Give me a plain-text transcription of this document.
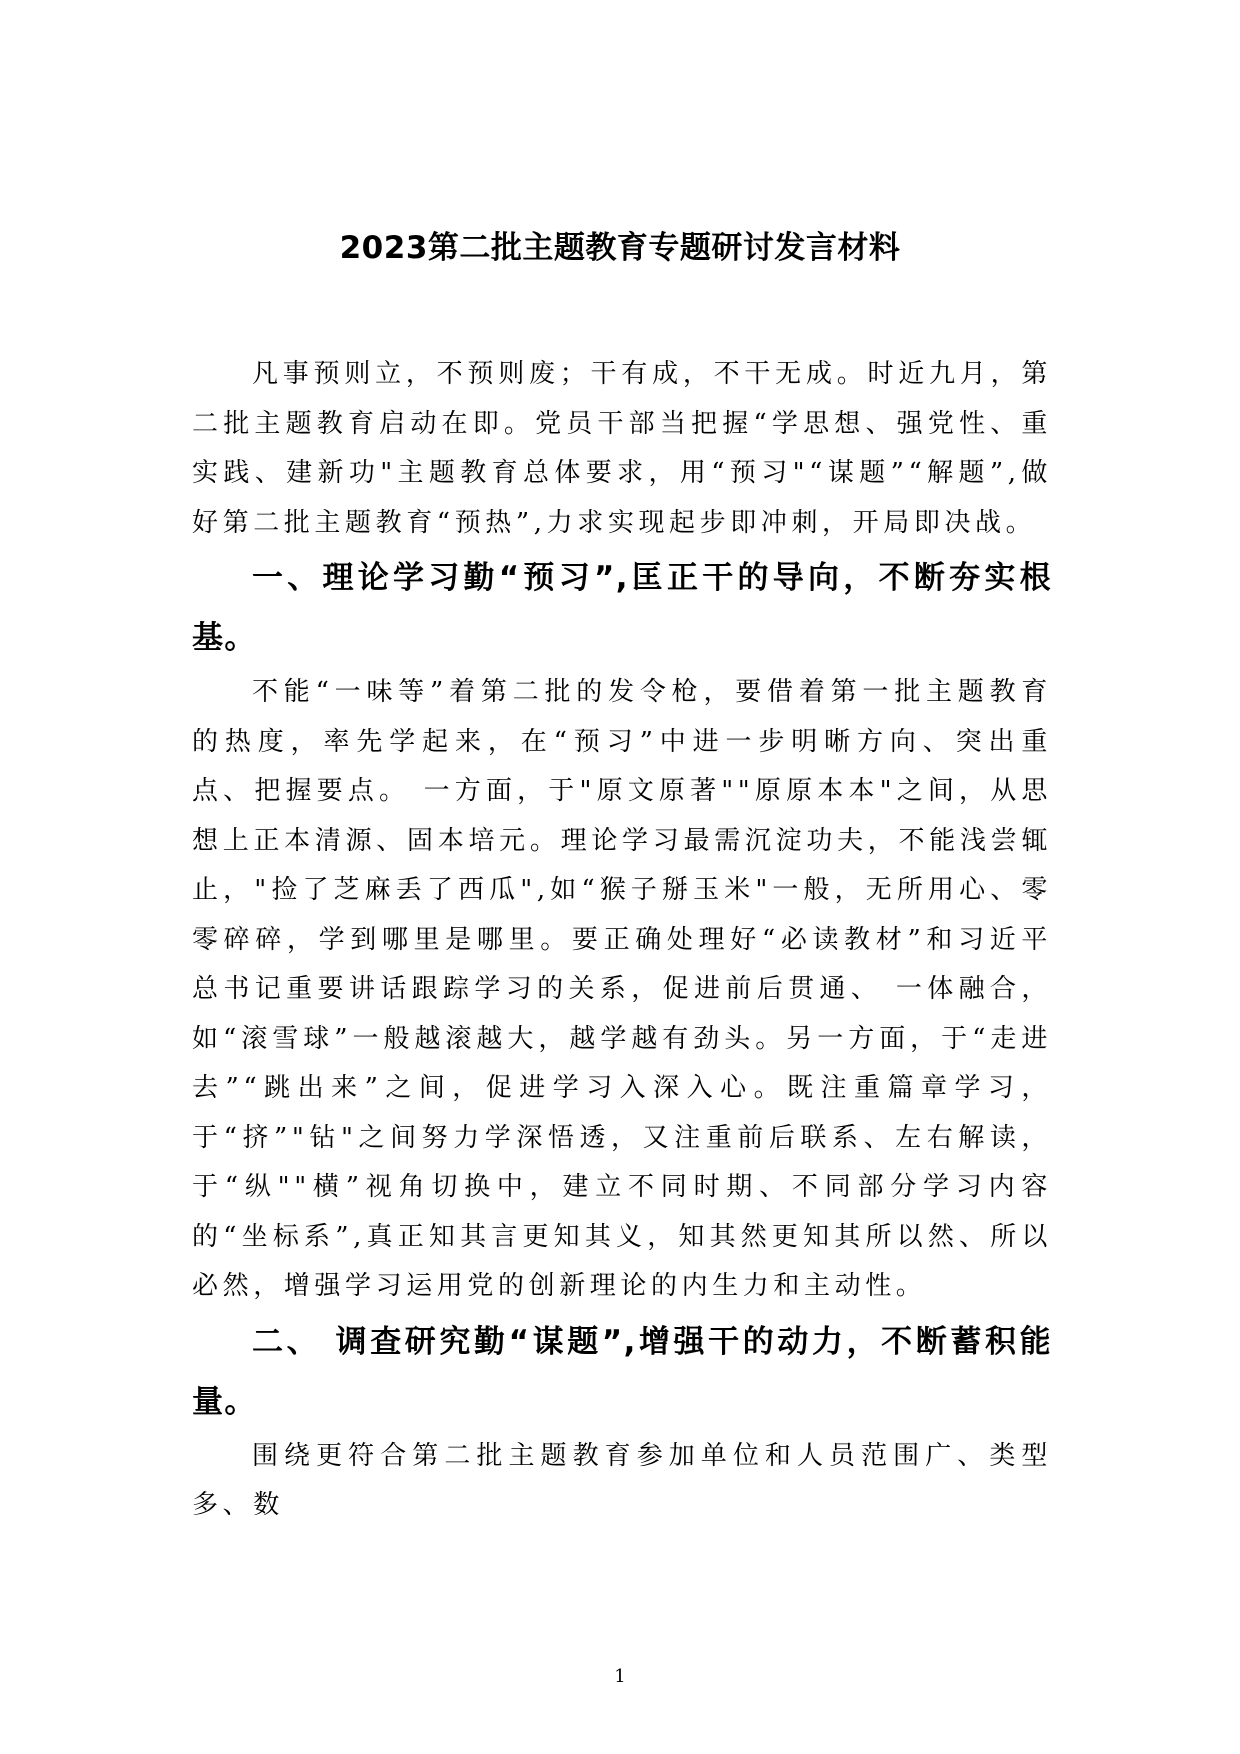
2023第二批主题教育专题研讨发言材料

凡事预则立，不预则废；干有成，不干无成。时近九月，第二批主题教育启动在即。党员干部当把握“学思想、强党性、重实践、建新功"主题教育总体要求，用“预习"“谋题”“解题”,做好第二批主题教育“预热”,力求实现起步即冲刺，开局即决战。

一、理论学习勤“预习”,匡正干的导向，不断夯实根基。

不能“一味等”着第二批的发令枪，要借着第一批主题教育的热度，率先学起来，在“预习”中进一步明晰方向、突出重点、把握要点。 一方面，于"原文原著""原原本本"之间，从思想上正本清源、固本培元。理论学习最需沉淀功夫，不能浅尝辄止，"捡了芝麻丢了西瓜",如“猴子掰玉米"一般，无所用心、零零碎碎，学到哪里是哪里。要正确处理好“必读教材”和习近平总书记重要讲话跟踪学习的关系，促进前后贯通、 一体融合，如“滚雪球”一般越滚越大，越学越有劲头。另一方面，于“走进去”“跳出来”之间，促进学习入深入心。既注重篇章学习，于“挤”"钻"之间努力学深悟透，又注重前后联系、左右解读，于“纵""横”视角切换中，建立不同时期、不同部分学习内容的“坐标系”,真正知其言更知其义，知其然更知其所以然、所以必然，增强学习运用党的创新理论的内生力和主动性。

二、 调查研究勤“谋题”,增强干的动力，不断蓄积能量。

围绕更符合第二批主题教育参加单位和人员范围广、类型多、数

1
